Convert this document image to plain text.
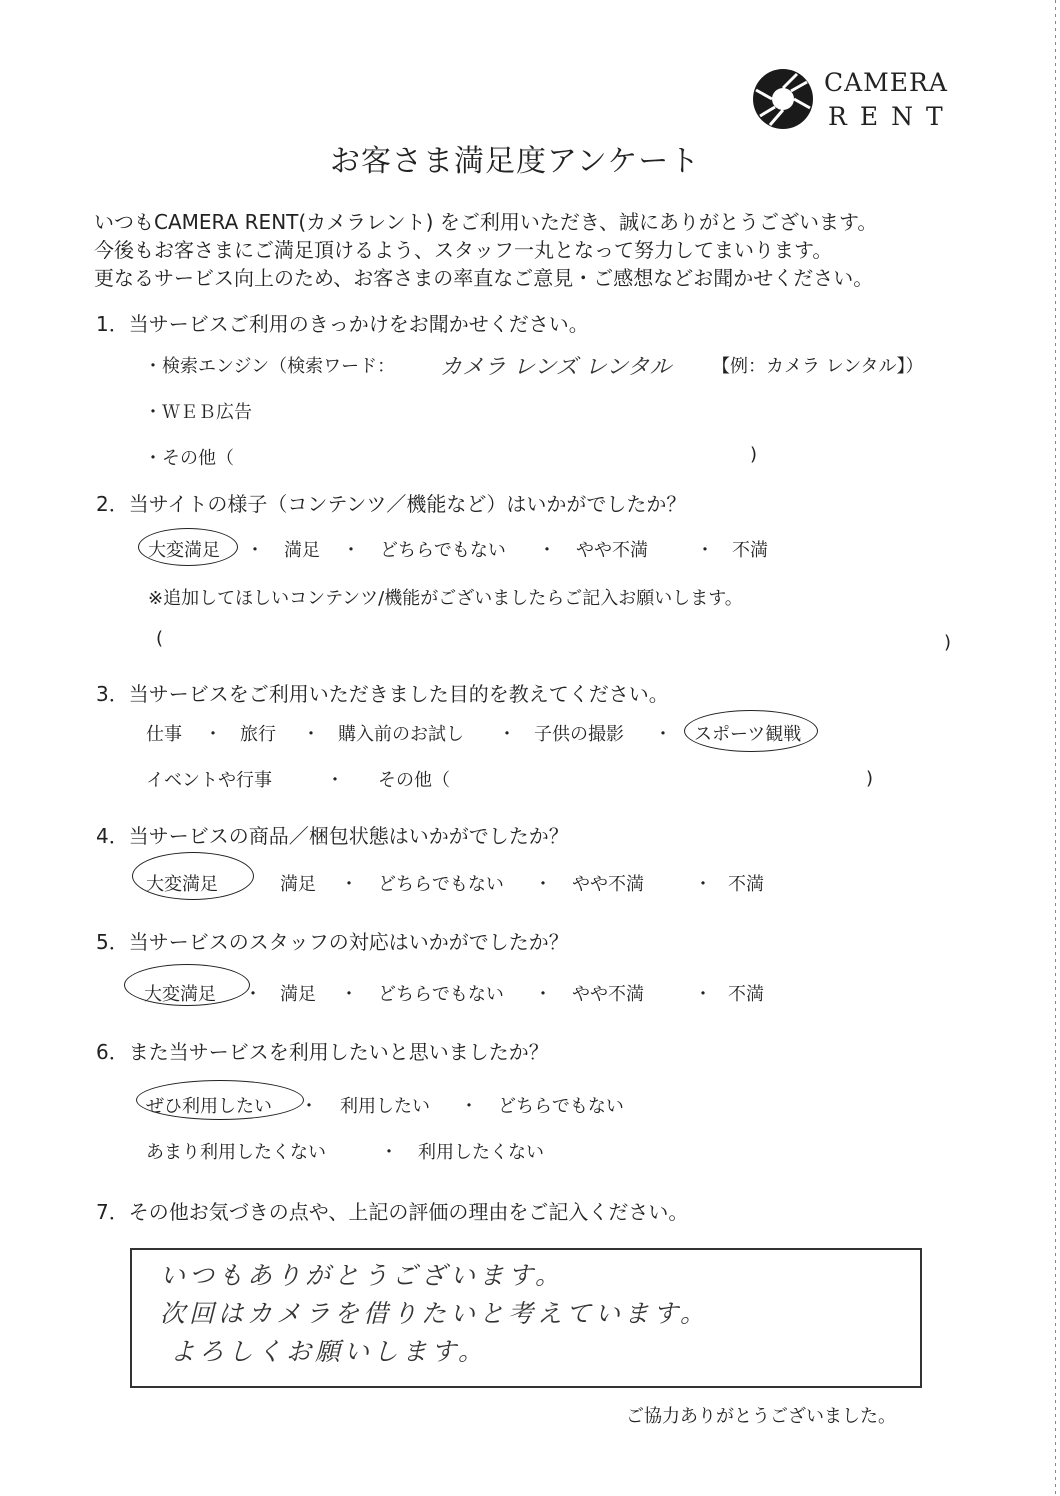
CAMERA
RENT
お客さま満足度アンケート
いつもCAMERA RENT(カメラレント) をご利用いただき、誠にありがとうございます。
今後もお客さまにご満足頂けるよう、スタッフ一丸となって努力してまいります。
更なるサービス向上のため、お客さまの率直なご意見・ご感想などお聞かせください。
1．当サービスご利用のきっかけをお聞かせください。
・検索エンジン（検索ワード： カメラ レンズ レンタル 【例：カメラ レンタル】）
・ＷＥＢ広告
・その他（	)
2．当サイトの様子（コンテンツ／機能など）はいかがでしたか？
大変満足 ・ 満足 ・ どちらでもない ・ やや不満	・ 不満
※追加してほしいコンテンツ/機能がございましたらご記入お願いします。
(	)
3．当サービスをご利用いただきました目的を教えてください。
仕事 ・ 旅行 ・ 購入前のお試し ・ 子供の撮影 ・ スポーツ観戦
イベントや行事	・ その他（	)
4．当サービスの商品／梱包状態はいかがでしたか？
大変満足	満足 ・ どちらでもない ・ やや不満	・ 不満
5．当サービスのスタッフの対応はいかがでしたか？
大変満足 ・ 満足 ・ どちらでもない ・ やや不満	・ 不満
6．また当サービスを利用したいと思いましたか？
ぜひ利用したい ・ 利用したい ・ どちらでもない
あまり利用したくない	・ 利用したくない
7．その他お気づきの点や、上記の評価の理由をご記入ください。
いつもありがとうございます。
次回はカメラを借りたいと考えています。
よろしくお願いします。
ご協力ありがとうございました。
